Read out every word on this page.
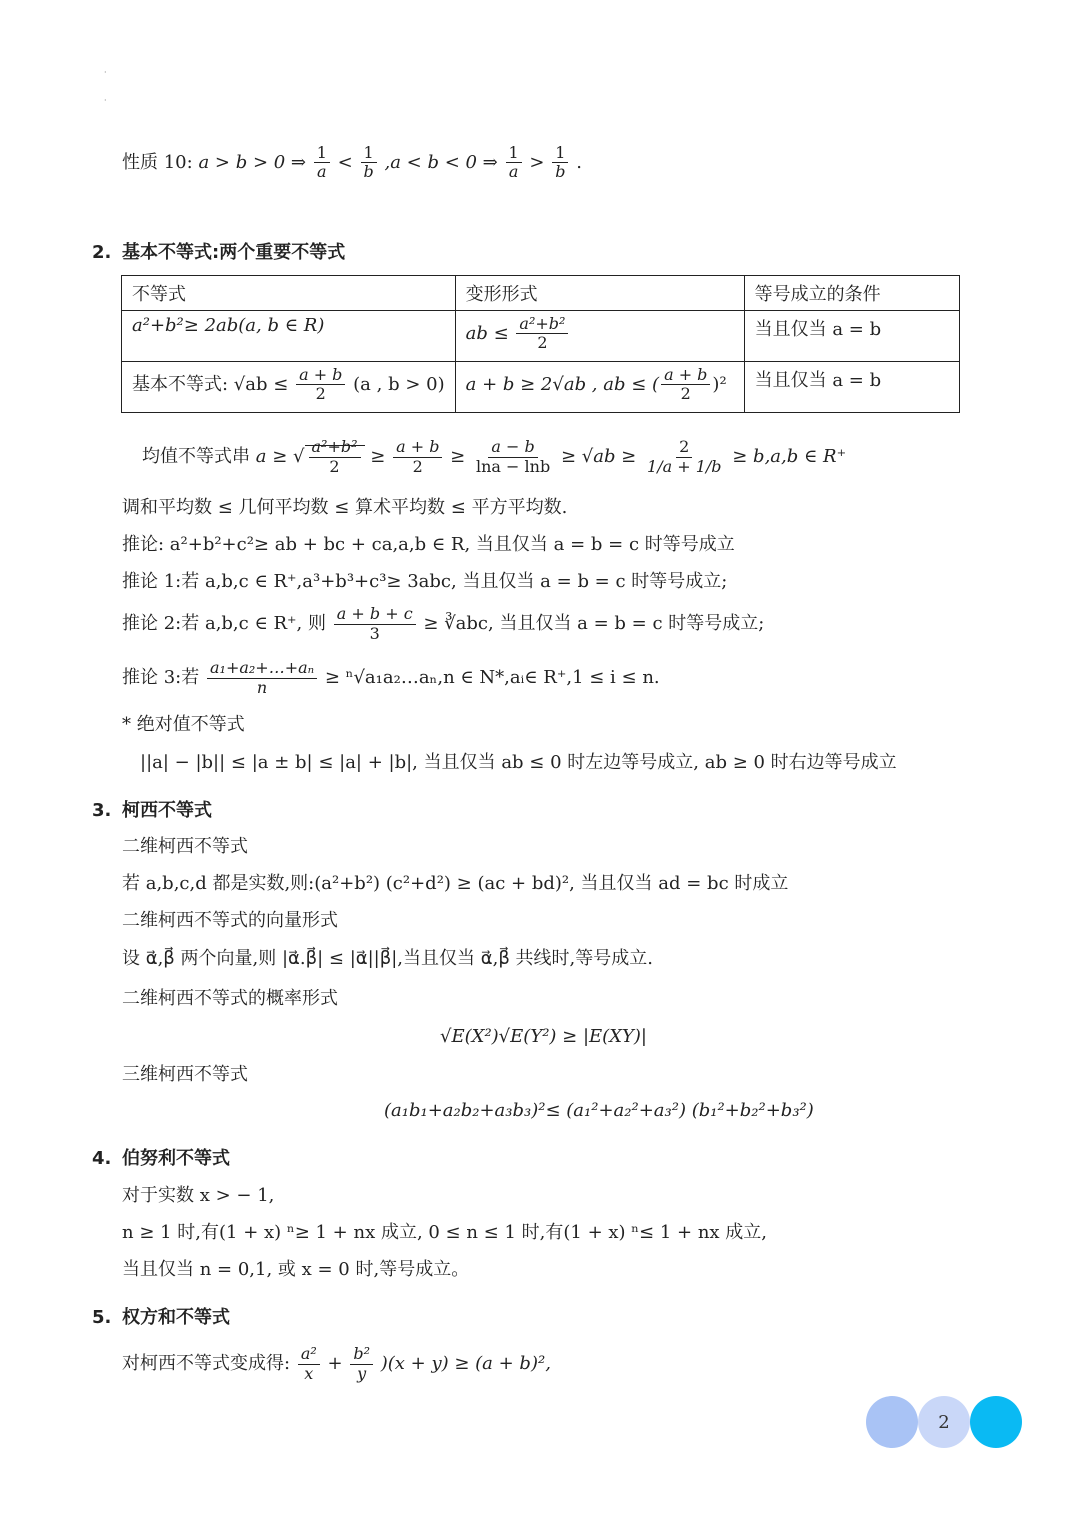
·
·
性质 10: a > b > 0 ⇒ $\frac{1}{a} < \frac{1}{b} ,a < b < 0$ ⇒ $\frac{1}{a} > \frac{1}{b}$ .
2. 基本不等式:两个重要不等式
不等式	变形形式	等号成立的条件
a²+b²≥ 2ab(a, b ∈ R)	ab ≤ $\frac{\text{a²+b²}}{2}$	当且仅当 a = b
基本不等式: $√ab \le \frac{a + b}{2} (a$ , b > 0)	a + b ≥ 2√ab , ab ≤ ( $\frac{a + b}{2} )^2$	当且仅当 a = b
均值不等式串 a ≥ √ $\frac{\text{a²+b²}}{2} \ge \frac{a + b}{2} \ge \frac{a - b}{\ln a - \ln b} \ge √ab \ge \frac{2}{1/a + 1/b} \ge b,a,b$ ∈ R⁺
调和平均数 ≤ 几何平均数 ≤ 算术平均数 ≤ 平方平均数.
推论: a²+b²+c²≥ ab + bc + ca,a,b ∈ R, 当且仅当 a = b = c 时等号成立
推论 1:若 a,b,c ∈ R⁺,a³+b³+c³≥ 3abc, 当且仅当 a = b = c 时等号成立;
推论 2:若 a,b,c ∈ R⁺, 则 $\frac{a + b + c}{3}$ ≥ ∛abc, 当且仅当 a = b = c 时等号成立;
推论 3:若 $\frac{\text{a₁+a₂+…+aₙ}}{n}$ ≥ ⁿ√a₁a₂…aₙ,n ∈ N*,aᵢ∈ R⁺,1 ≤ i ≤ n.
* 绝对值不等式
||a| − |b|| ≤ |a ± b| ≤ |a| + |b|, 当且仅当 ab ≤ 0 时左边等号成立, ab ≥ 0 时右边等号成立
3. 柯西不等式
二维柯西不等式
若 a,b,c,d 都是实数,则:(a²+b²) (c²+d²) ≥ (ac + bd)², 当且仅当 ad = bc 时成立
二维柯西不等式的向量形式
设 α⃗,β⃗ 两个向量,则 |α⃗.β⃗| ≤ |α⃗||β⃗|,当且仅当 α⃗,β⃗ 共线时,等号成立.
二维柯西不等式的概率形式
√E(X²)√E(Y²) ≥ |E(XY)|
三维柯西不等式
(a₁b₁+a₂b₂+a₃b₃)²≤ (a₁²+a₂²+a₃²) (b₁²+b₂²+b₃²)
4. 伯努利不等式
对于实数 x > − 1,
n ≥ 1 时,有(1 + x) ⁿ≥ 1 + nx 成立, 0 ≤ n ≤ 1 时,有(1 + x) ⁿ≤ 1 + nx 成立,
当且仅当 n = 0,1, 或 x = 0 时,等号成立。
5. 权方和不等式
对柯西不等式变成得: $\frac{\text{a²}}{x} + \frac{\text{b²}}{y} )(x + y) \ge (a + b)^2$,
2
